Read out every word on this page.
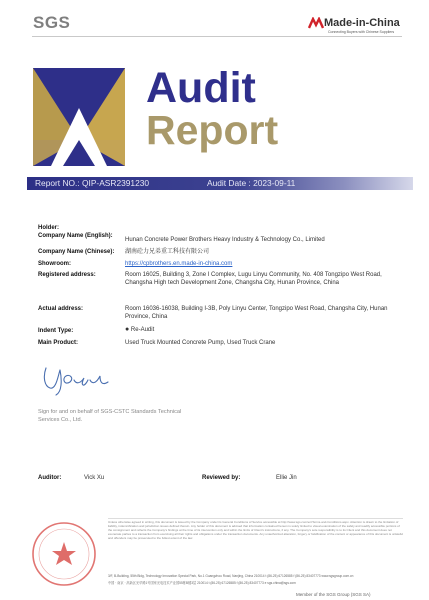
SGS	Made-in-China
Connecting Buyers with Chinese Suppliers
Audit
Report
Report NO.: QIP-ASR2391230	Audit Date : 2023-09-11
Holder:
Company Name (English):
Hunan Concrete Power Brothers Heavy Industry & Technology Co., Limited
Company Name (Chinese): 湖南砼力兄弟重工科技有限公司
Showroom:	https://cpbrothers.en.made-in-china.com
Registered address:	Room 16025, Building 3, Zone I Complex, Lugu Linyu Community, No. 408 Tongzipo West Road, Changsha High tech Development Zone, Changsha City, Hunan Province, China
Actual address:	Room 16036-16038, Building I-3B, Poly Linyu Center, Tongzipo West Road, Changsha City, Hunan Province, China
Indent Type:	● Re-Audit
Main Product:	Used Truck Mounted Concrete Pump, Used Truck Crane
Sign for and on behalf of SGS-CSTC Standards Technical Services Co., Ltd.
Auditor:	Vick Xu	Reviewed by:	Ellie Jin
Unless otherwise agreed in writing, this document is issued by the Company under its General Conditions of Service accessible at http://www.sgs.com/en/Terms-and-Conditions.aspx. Attention is drawn to the limitation of liability, indemnification and jurisdiction issues defined therein. Any holder of this document is advised that information contained hereon is solely limited to visual examination of the safely and readily accessible portions of the consignment and reflects the Company's findings at the time of its intervention only and within the limits of Client's instructions, if any. The Company's sole responsibility is to its Client and this document does not exonerate parties to a transaction from exercising all their rights and obligations under the transaction documents. Any unauthorized alteration, forgery or falsification of the content or appearance of this document is unlawful and offenders may be prosecuted to the fullest extent of the law.
3/F, B-Building, 55th Bldg, Technology Innovation Special Park, No.1 Guangzhou Road, Nanjing, China 210014 t (86-25) 67126585 f (86-25) 83407773 www.sgsgroup.com.cn
中国 · 南京 · 高新区光华路1号国家光电技术产业园55栋B楼3层 210014 t (86-25) 67126585 f (86-25) 83407773 e sgs.china@sgs.com
Member of the SGS Group (SGS SA)
